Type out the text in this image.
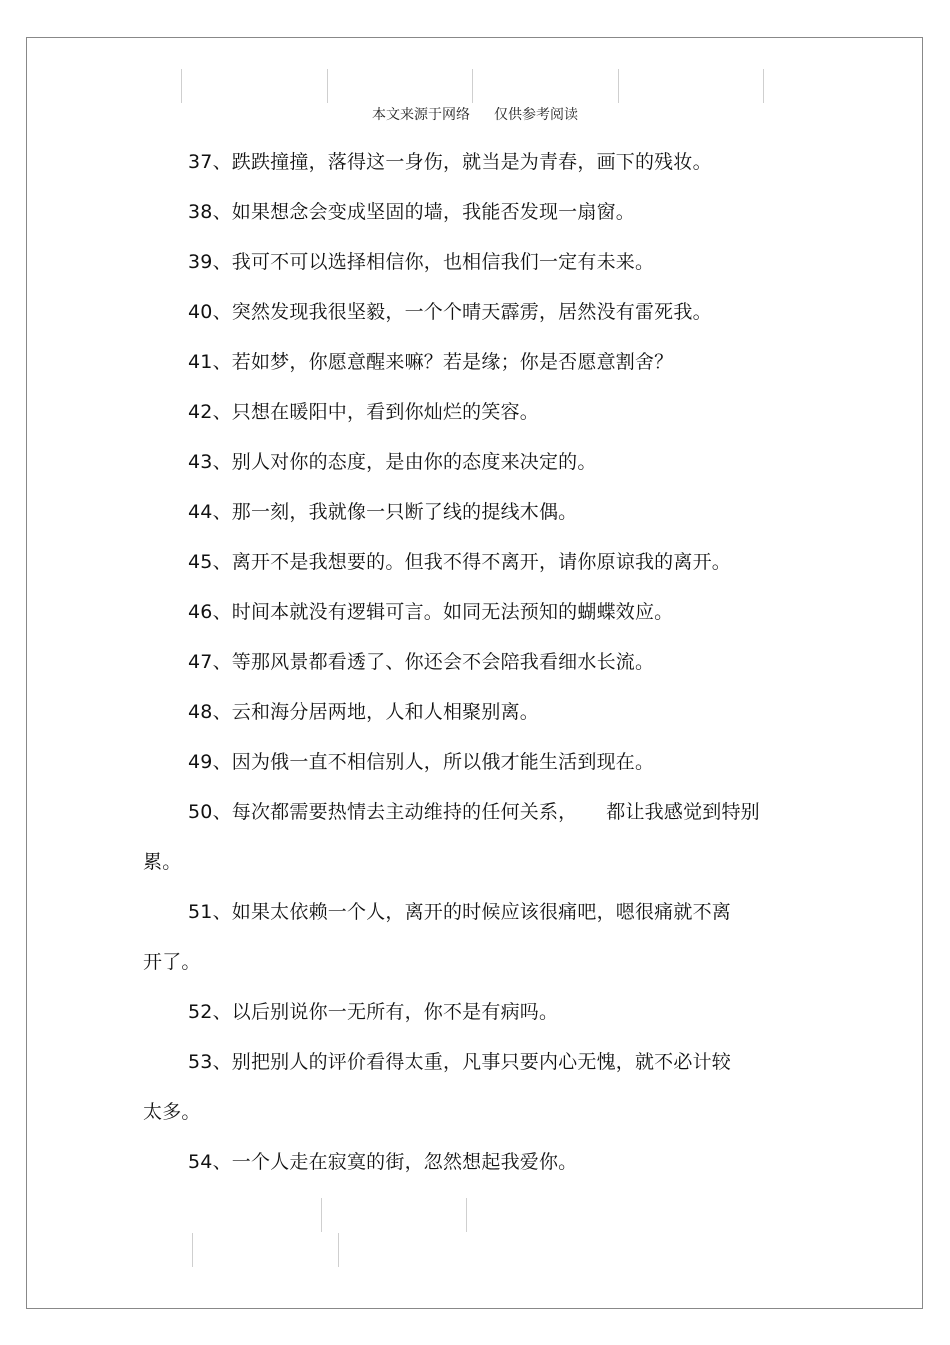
本文来源于网络 仅供参考阅读
37、跌跌撞撞，落得这一身伤，就当是为青春，画下的残妆。
38、如果想念会变成坚固的墙，我能否发现一扇窗。
39、我可不可以选择相信你，也相信我们一定有未来。
40、突然发现我很坚毅，一个个晴天霹雳，居然没有雷死我。
41、若如梦，你愿意醒来嘛？若是缘；你是否愿意割舍？
42、只想在暖阳中，看到你灿烂的笑容。
43、别人对你的态度，是由你的态度来决定的。
44、那一刻，我就像一只断了线的提线木偶。
45、离开不是我想要的。但我不得不离开，请你原谅我的离开。
46、时间本就没有逻辑可言。如同无法预知的蝴蝶效应。
47、等那风景都看透了、你还会不会陪我看细水长流。
48、云和海分居两地，人和人相聚别离。
49、因为俄一直不相信别人，所以俄才能生活到现在。
50、每次都需要热情去主动维持的任何关系，　　都让我感觉到特别
累。
51、如果太依赖一个人，离开的时候应该很痛吧，嗯很痛就不离
开了。
52、以后别说你一无所有，你不是有病吗。
53、别把别人的评价看得太重，凡事只要内心无愧，就不必计较
太多。
54、一个人走在寂寞的街，忽然想起我爱你。
